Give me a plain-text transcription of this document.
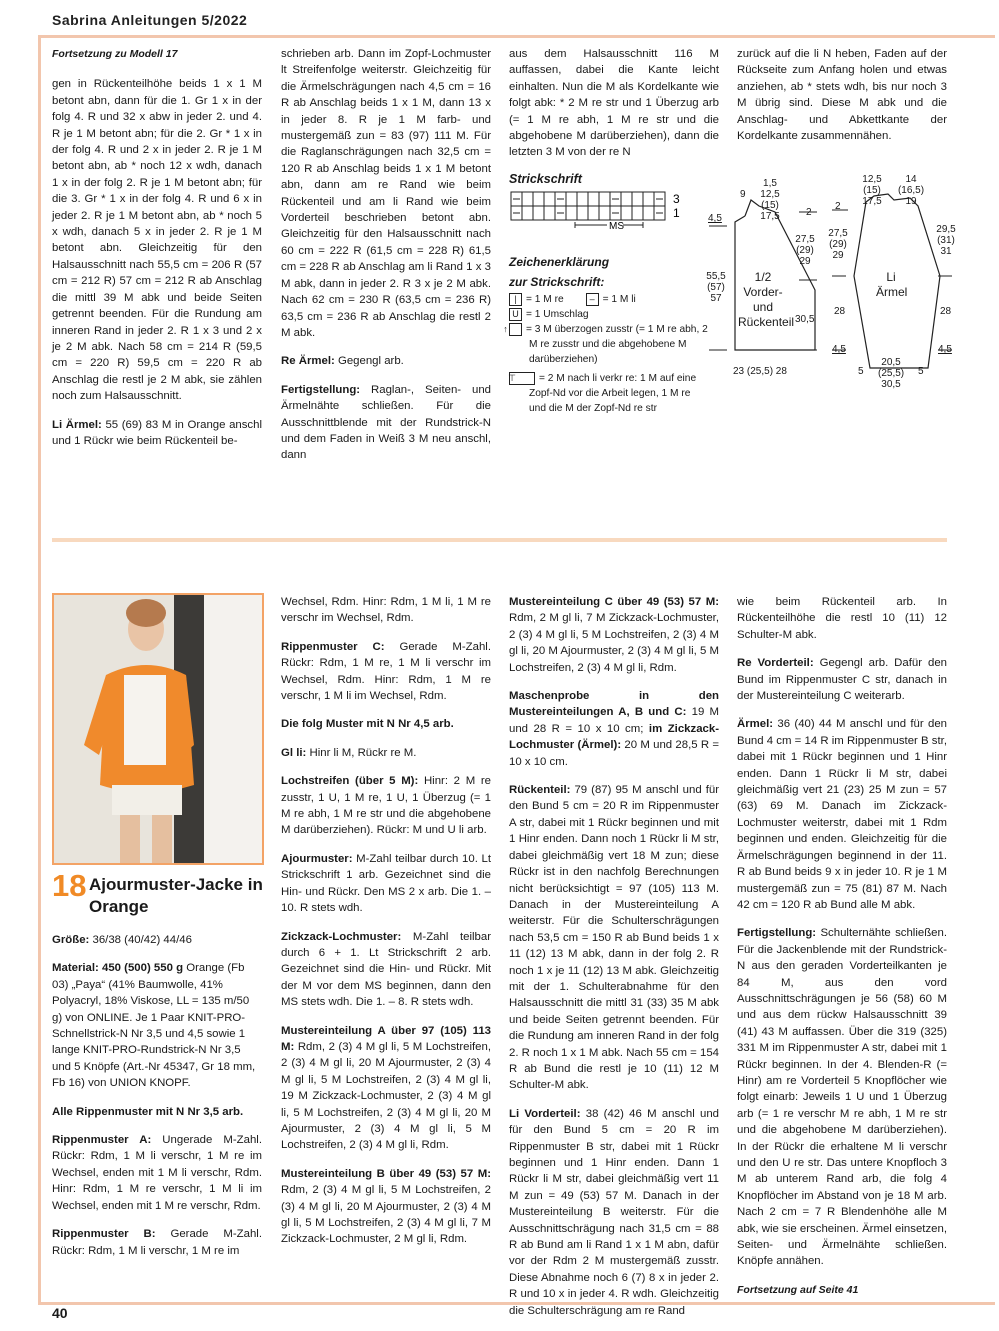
Sabrina Anleitungen 5/2022
Fortsetzung zu Modell 17

gen in Rückenteilhöhe beids 1 x 1 M betont abn, dann für die 1. Gr 1 x in der folg 4. R und 32 x abw in jeder 2. und 4. R je 1 M betont abn; für die 2. Gr * 1 x in der folg 4. R und 2 x in jeder 2. R je 1 M betont abn, ab * noch 12 x wdh, danach 1 x in der folg 2. R je 1 M betont abn; für die 3. Gr * 1 x in der folg 4. R und 6 x in jeder 2. R je 1 M betont abn, ab * noch 5 x wdh, danach 5 x in jeder 2. R je 1 M betont abn. Gleichzeitig für den Halsausschnitt nach 55,5 cm = 206 R (57 cm = 212 R) 57 cm = 212 R ab Anschlag die mittl 39 M abk und beide Seiten getrennt beenden. Für die Rundung am inneren Rand in jeder 2. R 1 x 3 und 2 x je 2 M abk. Nach 58 cm = 214 R (59,5 cm = 220 R) 59,5 cm = 220 R ab Anschlag die restl je 2 M abk, sie zählen noch zum Halsausschnitt.

Li Ärmel: 55 (69) 83 M in Orange anschl und 1 Rückr wie beim Rückenteil be-

schrieben arb. Dann im Zopf-Lochmuster lt Streifenfolge weiterstr. Gleichzeitig für die Ärmelschrägungen nach 4,5 cm = 16 R ab Anschlag beids 1 x 1 M, dann 13 x in jeder 8. R je 1 M farb- und mustergemäß zun = 83 (97) 111 M. Für die Raglanschrägungen nach 32,5 cm = 120 R ab Anschlag beids 1 x 1 M betont abn, dann am re Rand wie beim Rückenteil und am li Rand wie beim Vorderteil beschrieben betont abn. Gleichzeitig für den Halsausschnitt nach 60 cm = 222 R (61,5 cm = 228 R) 61,5 cm = 228 R ab Anschlag am li Rand 1 x 3 M abk, dann in jeder 2. R 3 x je 2 M abk. Nach 62 cm = 230 R (63,5 cm = 236 R) 63,5 cm = 236 R ab Anschlag die restl 2 M abk.

Re Ärmel: Gegengl arb.

Fertigstellung: Raglan-, Seiten- und Ärmelnähte schließen. Für die Ausschnittblende mit der Rundstrick-N und dem Faden in Weiß 3 M neu anschl, dann

aus dem Halsausschnitt 116 M auffassen, dabei die Kante leicht einhalten. Nun die M als Kordelkante wie folgt abk: * 2 M re str und 1 Überzug arb (= 1 M re abh, 1 M re str und die abgehobene M darüberziehen), dann die letzten 3 M von der re N

zurück auf die li N heben, Faden auf der Rückseite zum Anfang holen und etwas anziehen, ab * stets wdh, bis nur noch 3 M übrig sind. Diese M abk und die Anschlag- und Abkettkante der Kordelkante zusammennähen.

Strickschrift
3
1
MS
Zeichenerklärung zur Strickschrift:
| = 1 M re	– = 1 M li
U = 1 Umschlag
↑ = 3 M überzogen zusstr (= 1 M re abh, 2 M re zusstr und die abgehobene M darüberziehen)
⊤ = 2 M nach li verkr re: 1 M auf eine Zopf-Nd vor die Arbeit legen, 1 M re und die M der Zopf-Nd re str
9
1,5 12,5 (15) 17,5
4,5
2
55,5 (57) 57
27,5 (29) 29
30,5
23 (25,5) 28
1/2 Vorder- und Rückenteil
12,5 (15) 17,5
14 (16,5) 19
2
29,5 (31) 31
27,5 (29) 29
28	28
4,5	4,5
5	5
20,5 (25,5) 30,5
Li Ärmel
18 Ajourmuster-Jacke in Orange

Größe: 36/38 (40/42) 44/46

Material: 450 (500) 550 g Orange (Fb 03) „Paya“ (41% Baumwolle, 41% Polyacryl, 18% Viskose, LL = 135 m/50 g) von ONLINE. Je 1 Paar KNIT-PRO-Schnellstrick-N Nr 3,5 und 4,5 sowie 1 lange KNIT-PRO-Rundstrick-N Nr 3,5 und 5 Knöpfe (Art.-Nr 45347, Gr 18 mm, Fb 16) von UNION KNOPF.

Alle Rippenmuster mit N Nr 3,5 arb.

Rippenmuster A: Ungerade M-Zahl. Rückr: Rdm, 1 M li verschr, 1 M re im Wechsel, enden mit 1 M li verschr, Rdm. Hinr: Rdm, 1 M re verschr, 1 M li im Wechsel, enden mit 1 M re verschr, Rdm.

Rippenmuster B: Gerade M-Zahl. Rückr: Rdm, 1 M li verschr, 1 M re im

Wechsel, Rdm. Hinr: Rdm, 1 M li, 1 M re verschr im Wechsel, Rdm.

Rippenmuster C: Gerade M-Zahl. Rückr: Rdm, 1 M re, 1 M li verschr im Wechsel, Rdm. Hinr: Rdm, 1 M re verschr, 1 M li im Wechsel, Rdm.

Die folg Muster mit N Nr 4,5 arb.

Gl li: Hinr li M, Rückr re M.

Lochstreifen (über 5 M): Hinr: 2 M re zusstr, 1 U, 1 M re, 1 U, 1 Überzug (= 1 M re abh, 1 M re str und die abgehobene M darüberziehen). Rückr: M und U li arb.

Ajourmuster: M-Zahl teilbar durch 10. Lt Strickschrift 1 arb. Gezeichnet sind die Hin- und Rückr. Den MS 2 x arb. Die 1. – 10. R stets wdh.

Zickzack-Lochmuster: M-Zahl teilbar durch 6 + 1. Lt Strickschrift 2 arb. Gezeichnet sind die Hin- und Rückr. Mit der M vor dem MS beginnen, dann den MS stets wdh. Die 1. – 8. R stets wdh.

Mustereinteilung A über 97 (105) 113 M: Rdm, 2 (3) 4 M gl li, 5 M Lochstreifen, 2 (3) 4 M gl li, 20 M Ajourmuster, 2 (3) 4 M gl li, 5 M Lochstreifen, 2 (3) 4 M gl li, 19 M Zickzack-Lochmuster, 2 (3) 4 M gl li, 5 M Lochstreifen, 2 (3) 4 M gl li, 20 M Ajourmuster, 2 (3) 4 M gl li, 5 M Lochstreifen, 2 (3) 4 M gl li, Rdm.

Mustereinteilung B über 49 (53) 57 M: Rdm, 2 (3) 4 M gl li, 5 M Lochstreifen, 2 (3) 4 M gl li, 20 M Ajourmuster, 2 (3) 4 M gl li, 5 M Lochstreifen, 2 (3) 4 M gl li, 7 M Zickzack-Lochmuster, 2 M gl li, Rdm.

Mustereinteilung C über 49 (53) 57 M: Rdm, 2 M gl li, 7 M Zickzack-Lochmuster, 2 (3) 4 M gl li, 5 M Lochstreifen, 2 (3) 4 M gl li, 20 M Ajourmuster, 2 (3) 4 M gl li, 5 M Lochstreifen, 2 (3) 4 M gl li, Rdm.

Maschenprobe in den Mustereinteilungen A, B und C: 19 M und 28 R = 10 x 10 cm; im Zickzack-Lochmuster (Ärmel): 20 M und 28,5 R = 10 x 10 cm.

Rückenteil: 79 (87) 95 M anschl und für den Bund 5 cm = 20 R im Rippenmuster A str, dabei mit 1 Rückr beginnen und mit 1 Hinr enden. Dann noch 1 Rückr li M str, dabei gleichmäßig vert 18 M zun; diese Rückr ist in den nachfolg Berechnungen nicht berücksichtigt = 97 (105) 113 M. Danach in der Mustereinteilung A weiterstr. Für die Schulterschrägungen nach 53,5 cm = 150 R ab Bund beids 1 x 11 (12) 13 M abk, dann in der folg 2. R noch 1 x je 11 (12) 13 M abk. Gleichzeitig mit der 1. Schulterabnahme für den Halsausschnitt die mittl 31 (33) 35 M abk und beide Seiten getrennt beenden. Für die Rundung am inneren Rand in der folg 2. R noch 1 x 1 M abk. Nach 55 cm = 154 R ab Bund die restl je 10 (11) 12 M Schulter-M abk.

Li Vorderteil: 38 (42) 46 M anschl und für den Bund 5 cm = 20 R im Rippenmuster B str, dabei mit 1 Rückr beginnen und 1 Hinr enden. Dann 1 Rückr li M str, dabei gleichmäßig vert 11 M zun = 49 (53) 57 M. Danach in der Mustereinteilung B weiterstr. Für die Ausschnittschrägung nach 31,5 cm = 88 R ab Bund am li Rand 1 x 1 M abn, dafür vor der Rdm 2 M mustergemäß zusstr. Diese Abnahme noch 6 (7) 8 x in jeder 2. R und 10 x in jeder 4. R wdh. Gleichzeitig die Schulterschrägung am re Rand

wie beim Rückenteil arb. In Rückenteilhöhe die restl 10 (11) 12 Schulter-M abk.

Re Vorderteil: Gegengl arb. Dafür den Bund im Rippenmuster C str, danach in der Mustereinteilung C weiterarb.

Ärmel: 36 (40) 44 M anschl und für den Bund 4 cm = 14 R im Rippenmuster B str, dabei mit 1 Rückr beginnen und 1 Hinr enden. Dann 1 Rückr li M str, dabei gleichmäßig vert 21 (23) 25 M zun = 57 (63) 69 M. Danach im Zickzack-Lochmuster weiterstr, dabei mit 1 Rdm beginnen und enden. Gleichzeitig für die Ärmelschrägungen beginnend in der 11. R ab Bund beids 9 x in jeder 10. R je 1 M mustergemäß zun = 75 (81) 87 M. Nach 42 cm = 120 R ab Bund alle M abk.

Fertigstellung: Schulternähte schließen. Für die Jackenblende mit der Rundstrick-N aus den geraden Vorderteilkanten je 84 M, aus den vord Ausschnittschrägungen je 56 (58) 60 M und aus dem rückw Halsausschnitt 39 (41) 43 M auffassen. Über die 319 (325) 331 M im Rippenmuster A str, dabei mit 1 Rückr beginnen. In der 4. Blenden-R (= Hinr) am re Vorderteil 5 Knopflöcher wie folgt einarb: Jeweils 1 U und 1 Überzug arb (= 1 re verschr M re abh, 1 M re str und die abgehobene M darüberziehen). In der Rückr die erhaltene M li verschr und den U re str. Das untere Knopfloch 3 M ab unterem Rand arb, die folg 4 Knopflöcher im Abstand von je 18 M arb. Nach 2 cm = 7 R Blendenhöhe alle M abk, wie sie erscheinen. Ärmel einsetzen, Seiten- und Ärmelnähte schließen. Knöpfe annähen.

Fortsetzung auf Seite 41

40
